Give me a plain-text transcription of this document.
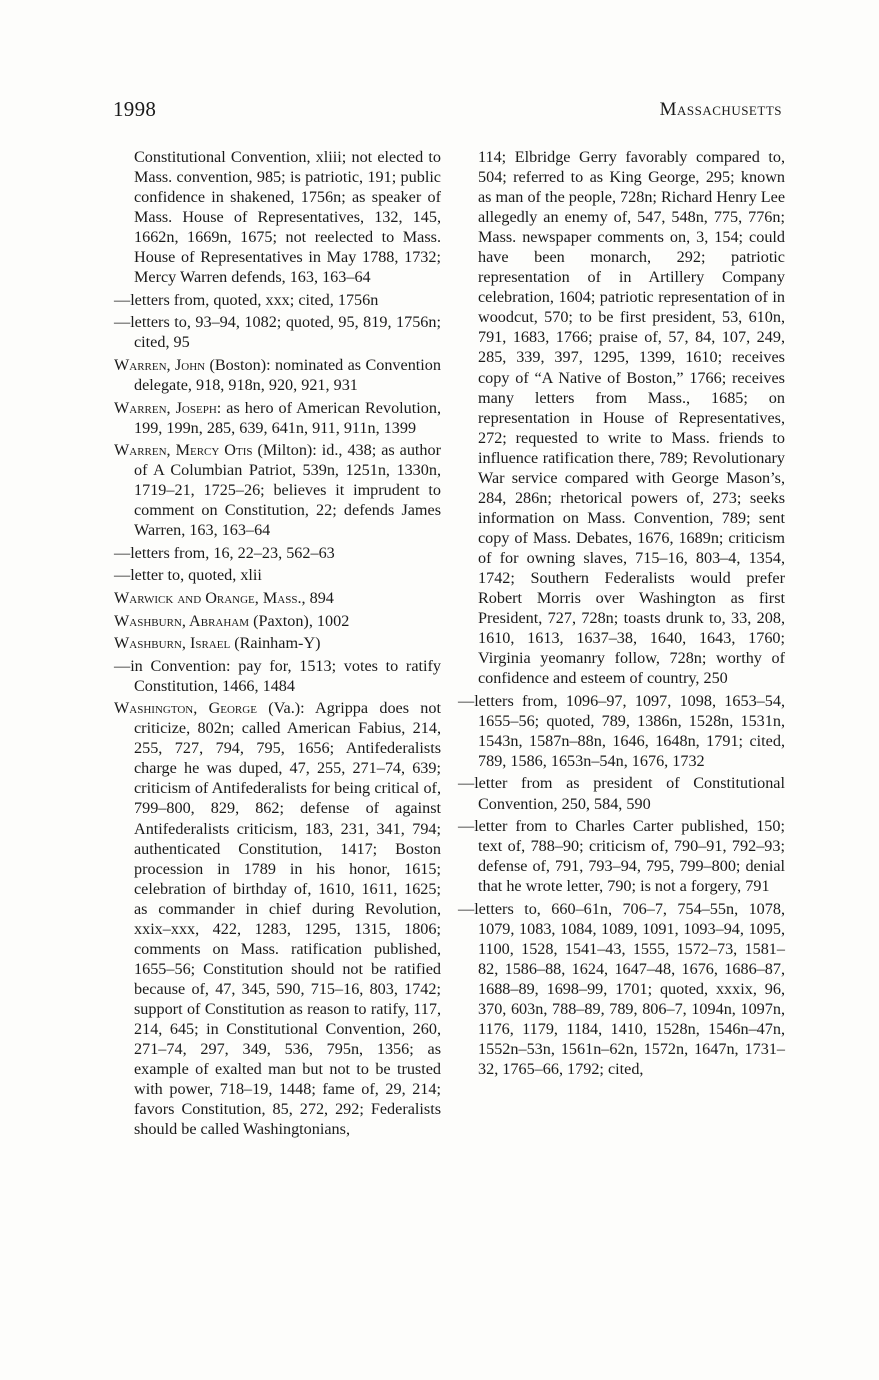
1998	Massachusetts

Constitutional Convention, xliii; not elected to Mass. convention, 985; is patriotic, 191; public confidence in shakened, 1756n; as speaker of Mass. House of Representatives, 132, 145, 1662n, 1669n, 1675; not reelected to Mass. House of Representatives in May 1788, 1732; Mercy Warren defends, 163, 163–64

—letters from, quoted, xxx; cited, 1756n

—letters to, 93–94, 1082; quoted, 95, 819, 1756n; cited, 95

Warren, John (Boston): nominated as Convention delegate, 918, 918n, 920, 921, 931

Warren, Joseph: as hero of American Revolution, 199, 199n, 285, 639, 641n, 911, 911n, 1399

Warren, Mercy Otis (Milton): id., 438; as author of A Columbian Patriot, 539n, 1251n, 1330n, 1719–21, 1725–26; believes it imprudent to comment on Constitution, 22; defends James Warren, 163, 163–64

—letters from, 16, 22–23, 562–63

—letter to, quoted, xlii

Warwick and Orange, Mass., 894

Washburn, Abraham (Paxton), 1002

Washburn, Israel (Rainham-Y)

—in Convention: pay for, 1513; votes to ratify Constitution, 1466, 1484

Washington, George (Va.): Agrippa does not criticize, 802n; called American Fabius, 214, 255, 727, 794, 795, 1656; Antifederalists charge he was duped, 47, 255, 271–74, 639; criticism of Antifederalists for being critical of, 799–800, 829, 862; defense of against Antifederalists criticism, 183, 231, 341, 794; authenticated Constitution, 1417; Boston procession in 1789 in his honor, 1615; celebration of birthday of, 1610, 1611, 1625; as commander in chief during Revolution, xxix–xxx, 422, 1283, 1295, 1315, 1806; comments on Mass. ratification published, 1655–56; Constitution should not be ratified because of, 47, 345, 590, 715–16, 803, 1742; support of Constitution as reason to ratify, 117, 214, 645; in Constitutional Convention, 260, 271–74, 297, 349, 536, 795n, 1356; as example of exalted man but not to be trusted with power, 718–19, 1448; fame of, 29, 214; favors Constitution, 85, 272, 292; Federalists should be called Washingtonians,

114; Elbridge Gerry favorably compared to, 504; referred to as King George, 295; known as man of the people, 728n; Richard Henry Lee allegedly an enemy of, 547, 548n, 775, 776n; Mass. newspaper comments on, 3, 154; could have been monarch, 292; patriotic representation of in Artillery Company celebration, 1604; patriotic representation of in woodcut, 570; to be first president, 53, 610n, 791, 1683, 1766; praise of, 57, 84, 107, 249, 285, 339, 397, 1295, 1399, 1610; receives copy of “A Native of Boston,” 1766; receives many letters from Mass., 1685; on representation in House of Representatives, 272; requested to write to Mass. friends to influence ratification there, 789; Revolutionary War service compared with George Mason’s, 284, 286n; rhetorical powers of, 273; seeks information on Mass. Convention, 789; sent copy of Mass. Debates, 1676, 1689n; criticism of for owning slaves, 715–16, 803–4, 1354, 1742; Southern Federalists would prefer Robert Morris over Washington as first President, 727, 728n; toasts drunk to, 33, 208, 1610, 1613, 1637–38, 1640, 1643, 1760; Virginia yeomanry follow, 728n; worthy of confidence and esteem of country, 250

—letters from, 1096–97, 1097, 1098, 1653–54, 1655–56; quoted, 789, 1386n, 1528n, 1531n, 1543n, 1587n–88n, 1646, 1648n, 1791; cited, 789, 1586, 1653n–54n, 1676, 1732

—letter from as president of Constitutional Convention, 250, 584, 590

—letter from to Charles Carter published, 150; text of, 788–90; criticism of, 790–91, 792–93; defense of, 791, 793–94, 795, 799–800; denial that he wrote letter, 790; is not a forgery, 791

—letters to, 660–61n, 706–7, 754–55n, 1078, 1079, 1083, 1084, 1089, 1091, 1093–94, 1095, 1100, 1528, 1541–43, 1555, 1572–73, 1581–82, 1586–88, 1624, 1647–48, 1676, 1686–87, 1688–89, 1698–99, 1701; quoted, xxxix, 96, 370, 603n, 788–89, 789, 806–7, 1094n, 1097n, 1176, 1179, 1184, 1410, 1528n, 1546n–47n, 1552n–53n, 1561n–62n, 1572n, 1647n, 1731–32, 1765–66, 1792; cited,
